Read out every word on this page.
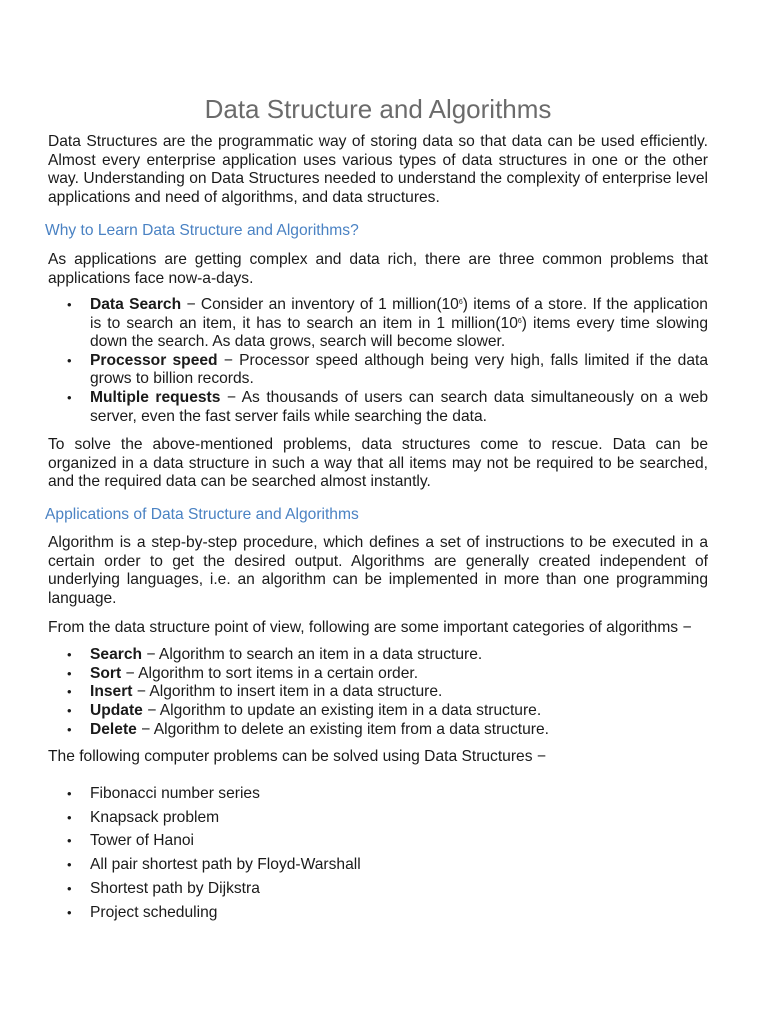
Data Structure and Algorithms

Data Structures are the programmatic way of storing data so that data can be used efficiently. Almost every enterprise application uses various types of data structures in one or the other way. Understanding on Data Structures needed to understand the complexity of enterprise level applications and need of algorithms, and data structures.

Why to Learn Data Structure and Algorithms?

As applications are getting complex and data rich, there are three common problems that applications face now-a-days.

• Data Search − Consider an inventory of 1 $million(10^6)$ items of a store. If the application is to search an item, it has to search an item in 1 $million(10^6)$ items every time slowing down the search. As data grows, search will become slower.
• Processor speed − Processor speed although being very high, falls limited if the data grows to billion records.
• Multiple requests − As thousands of users can search data simultaneously on a web server, even the fast server fails while searching the data.

To solve the above-mentioned problems, data structures come to rescue. Data can be organized in a data structure in such a way that all items may not be required to be searched, and the required data can be searched almost instantly.

Applications of Data Structure and Algorithms

Algorithm is a step-by-step procedure, which defines a set of instructions to be executed in a certain order to get the desired output. Algorithms are generally created independent of underlying languages, i.e. an algorithm can be implemented in more than one programming language.

From the data structure point of view, following are some important categories of algorithms −

• Search − Algorithm to search an item in a data structure.
• Sort − Algorithm to sort items in a certain order.
• Insert − Algorithm to insert item in a data structure.
• Update − Algorithm to update an existing item in a data structure.
• Delete − Algorithm to delete an existing item from a data structure.

The following computer problems can be solved using Data Structures −

• Fibonacci number series
• Knapsack problem
• Tower of Hanoi
• All pair shortest path by Floyd-Warshall
• Shortest path by Dijkstra
• Project scheduling
